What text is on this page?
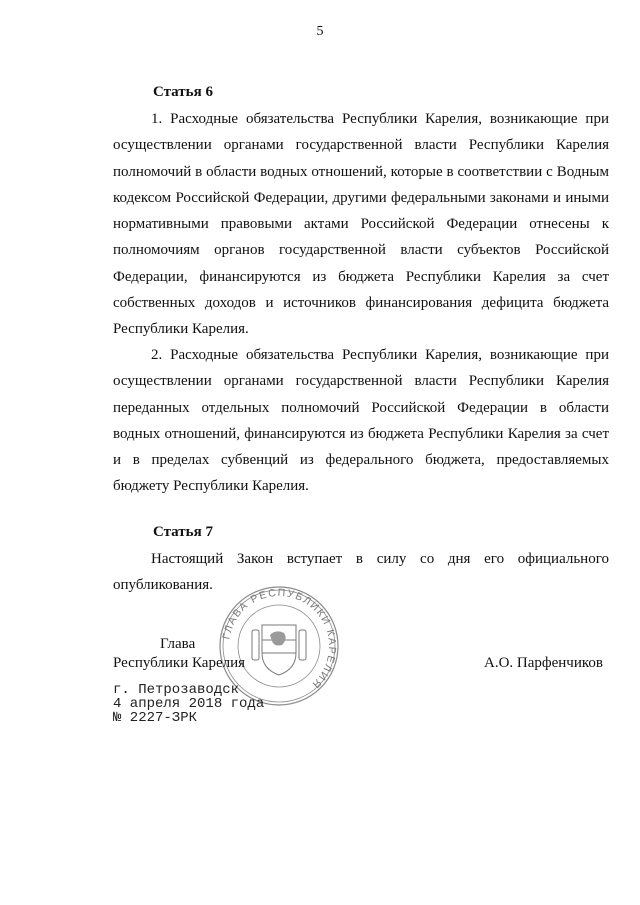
5
Статья 6

1. Расходные обязательства Республики Карелия, возникающие при осуществлении органами государственной власти Республики Карелия полномочий в области водных отношений, которые в соответствии с Водным кодексом Российской Федерации, другими федеральными законами и иными нормативными правовыми актами Российской Федерации отнесены к полномочиям органов государственной власти субъектов Российской Федерации, финансируются из бюджета Республики Карелия за счет собственных доходов и источников финансирования дефицита бюджета Республики Карелия.

2. Расходные обязательства Республики Карелия, возникающие при осуществлении органами государственной власти Республики Карелия переданных отдельных полномочий Российской Федерации в области водных отношений, финансируются из бюджета Республики Карелия за счет и в пределах субвенций из федерального бюджета, предоставляемых бюджету Республики Карелия.

Статья 7

Настоящий Закон вступает в силу со дня его официального опубликования.

ГЛАВА РЕСПУБЛИКИ КАРЕЛИЯ
Глава
Республики Карелия	А.О. Парфенчиков
г. Петрозаводск
4 апреля 2018 года
№ 2227-ЗРК
